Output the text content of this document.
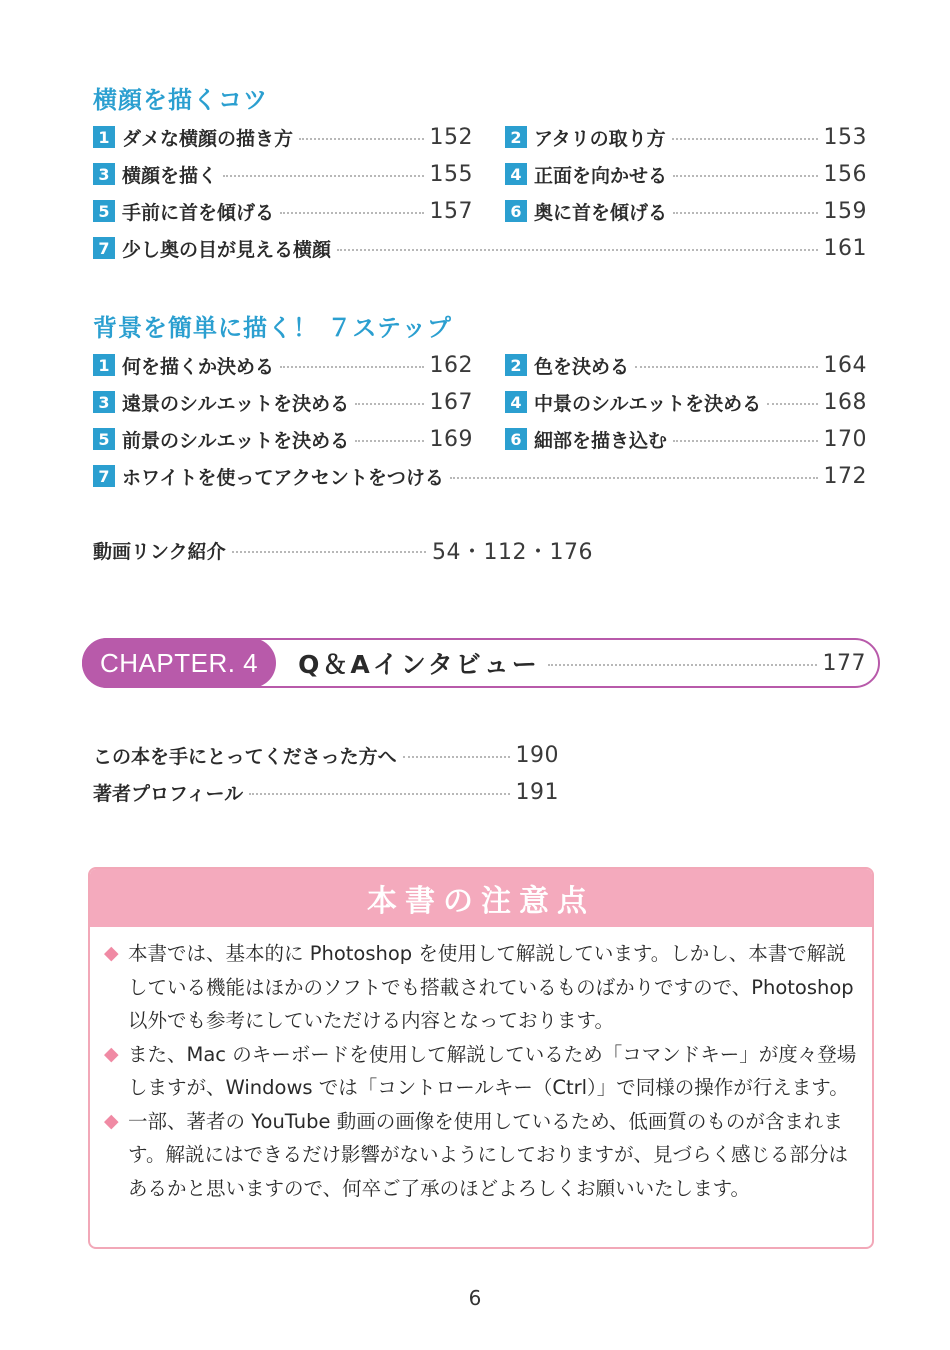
横顔を描くコツ
1 ダメな横顔の描き方	152	2 アタリの取り方	153
3 横顔を描く	155	4 正面を向かせる	156
5 手前に首を傾げる	157	6 奥に首を傾げる	159
7 少し奥の目が見える横顔	161
背景を簡単に描く！ ７ステップ
1 何を描くか決める	162	2 色を決める	164
3 遠景のシルエットを決める	167	4 中景のシルエットを決める	168
5 前景のシルエットを決める	169	6 細部を描き込む	170
7 ホワイトを使ってアクセントをつける	172
動画リンク紹介	54・112・176
CHAPTER. 4	Q＆Aインタビュー	177
この本を手にとってくださった方へ	190
著者プロフィール	191
本書の注意点
◆ 本書では、基本的に Photoshop を使用して解説しています。しかし、本書で解説している機能はほかのソフトでも搭載されているものばかりですので、Photoshop 以外でも参考にしていただける内容となっております。
◆ また、Mac のキーボードを使用して解説しているため「コマンドキー」が度々登場しますが、Windows では「コントロールキー（Ctrl）」で同様の操作が行えます。
◆ 一部、著者の YouTube 動画の画像を使用しているため、低画質のものが含まれます。解説にはできるだけ影響がないようにしておりますが、見づらく感じる部分はあるかと思いますので、何卒ご了承のほどよろしくお願いいたします。
6
